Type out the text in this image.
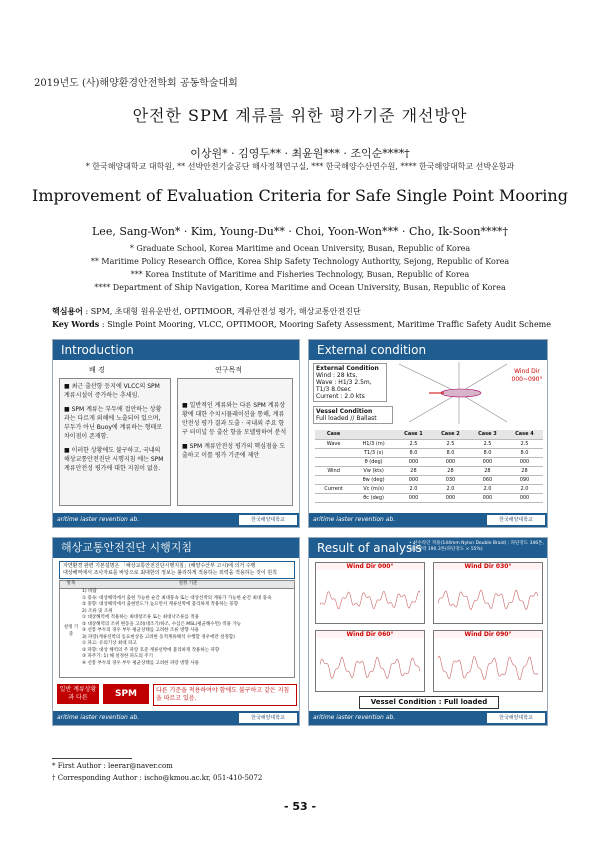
2019년도 (사)해양환경안전학회 공동학술대회
안전한 SPM 계류를 위한 평가기준 개선방안
이상원* · 김영두** · 최윤원*** · 조익순****†
* 한국해양대학교 대학원, ** 선박안전기술공단 해사정책연구실, *** 한국해양수산연수원, **** 한국해양대학교 선박운항과
Improvement of Evaluation Criteria for Safe Single Point Mooring
Lee, Sang-Won* · Kim, Young-Du** · Choi, Yoon-Won*** · Cho, Ik-Soon****†
* Graduate School, Korea Maritime and Ocean University, Busan, Republic of Korea
** Maritime Policy Research Office, Korea Ship Safety Technology Authority, Sejong, Republic of Korea
*** Korea Institute of Maritime and Fisheries Technology, Busan, Republic of Korea
**** Department of Ship Navigation, Korea Maritime and Ocean University, Busan, Republic of Korea
핵심용어 : SPM, 초대형 원유운반선, OPTIMOOR, 계류안전성 평가, 해상교통안전진단
Key Words : Single Point Mooring, VLCC, OPTIMOOR, Mooring Safety Assessment, Maritime Traffic Safety Audit Scheme
Introduction
배 경	연구목적

■ 최근 출산항 등지에 VLCC의 SPM 계류시설이 증가하는 추세임.

■ SPM 계류는 부두에 접안하는 상황과는 다르게 외해에 노출되어 있으며, 부두가 아닌 Buoy에 계류하는 형태로 차이점이 존재함.

■ 이러한 상황에도 불구하고, 국내의 해상교통안전진단 시행지침 에는 SPM 계류안전성 평가에 대한 지침이 없음.

■ 일반적인 계류와는 다른 SPM 계류상황에 대한 수치시뮬레이션을 통해, 계류안전성 평가 결과 도출 · 국내외 주요 항구 터미널 등 출산 항을 모델링하여 분석

■ SPM 계류안전성 평가의 핵심점을 도출하고 이를 평가 기준에 제안

aritime iaster revention ab.	한국해양대학교
External condition
External Condition
Wind : 28 kts,
Wave : H1/3 2.5m,
T1/3 8.0sec
Current : 2.0 kts
Wind Dir
000~090°
Vessel Condition
Full loaded // Ballast
Case		Case 1	Case 2	Case 3	Case 4
Wave	H1/3 (m)	2.5	2.5	2.5	2.5
	T1/3 (s)	8.0	8.0	8.0	8.0
	θ (deg)	000	000	000	000
Wind	Vw (kts)	28	28	28	28
	θw (deg)	000	030	060	090
Current	Vc (m/s)	2.0	2.0	2.0	2.0
	θc (deg)	000	000	000	000
aritime iaster revention ab.	한국해양대학교
해상교통안전진단 시행지침
자연환경 관련 기본설명은 「해상교통안전진단시행지침」(해양수산부 고시)에 의거 수행
대상해역에서 조사자료를 바탕으로 최대한의 정보는 불리하게 적용하는 외력을 적용하는 것이 원칙
항목	설정 기준
설정 기준
1) 바람
① 풍속: 대상해역에서 출현 가능한 순간 최대풍속 또는 대상선박의 계류가 가능한 순간 최대 풍속
② 풍향: 대상해역에서 출현빈도가 높으면서 계류선박에 불리하게 작용하는 풍향
2) 조류 및 조위
① 대상해역에 적용하는 최대창조류 또는 최대낙조류를 적용
② 대상해역의 조위 변동을 고려(대조기/하조, 수심은 MSL(평균해수면) 적용 가능
③ 선봉 부두의 경우 부두 평균상태를 고려한 조류 방향 사용
3) 파랑(계류선박의 동요현상을 고려한 동적계류해석 수행할 경우에만 설정함)
① 파고: 유의기상 최대 파고
② 파향: 대상 해역의 주 파랑 호준 계류선박에 불리하게 작용하는 파향
③ 파주기: 1) 해 설정한 파도의 주기
④ 선봉 부두의 경우 부두 평균상태를 고려한 파랑 방향 사용
일반 계류상황과 다른	SPM	다른 기준을 적용하여야 함에도 불구하고 같은 지침을 따르고 있음.
aritime iaster revention ab.	한국해양대학교
Result of analysis
• 선수라인 적용(144mm Nylon Double Braid) : 파단강도 346톤, 허용장력 190.3톤(파단강도 × 55%)
Wind Dir 000°	Wind Dir 030°
Wind Dir 060°	Wind Dir 090°
Vessel Condition : Full loaded
aritime iaster revention ab.	한국해양대학교
* First Author : leerar@naver.com
† Corresponding Author : ischo@kmou.ac.kr, 051-410-5072
- 53 -
